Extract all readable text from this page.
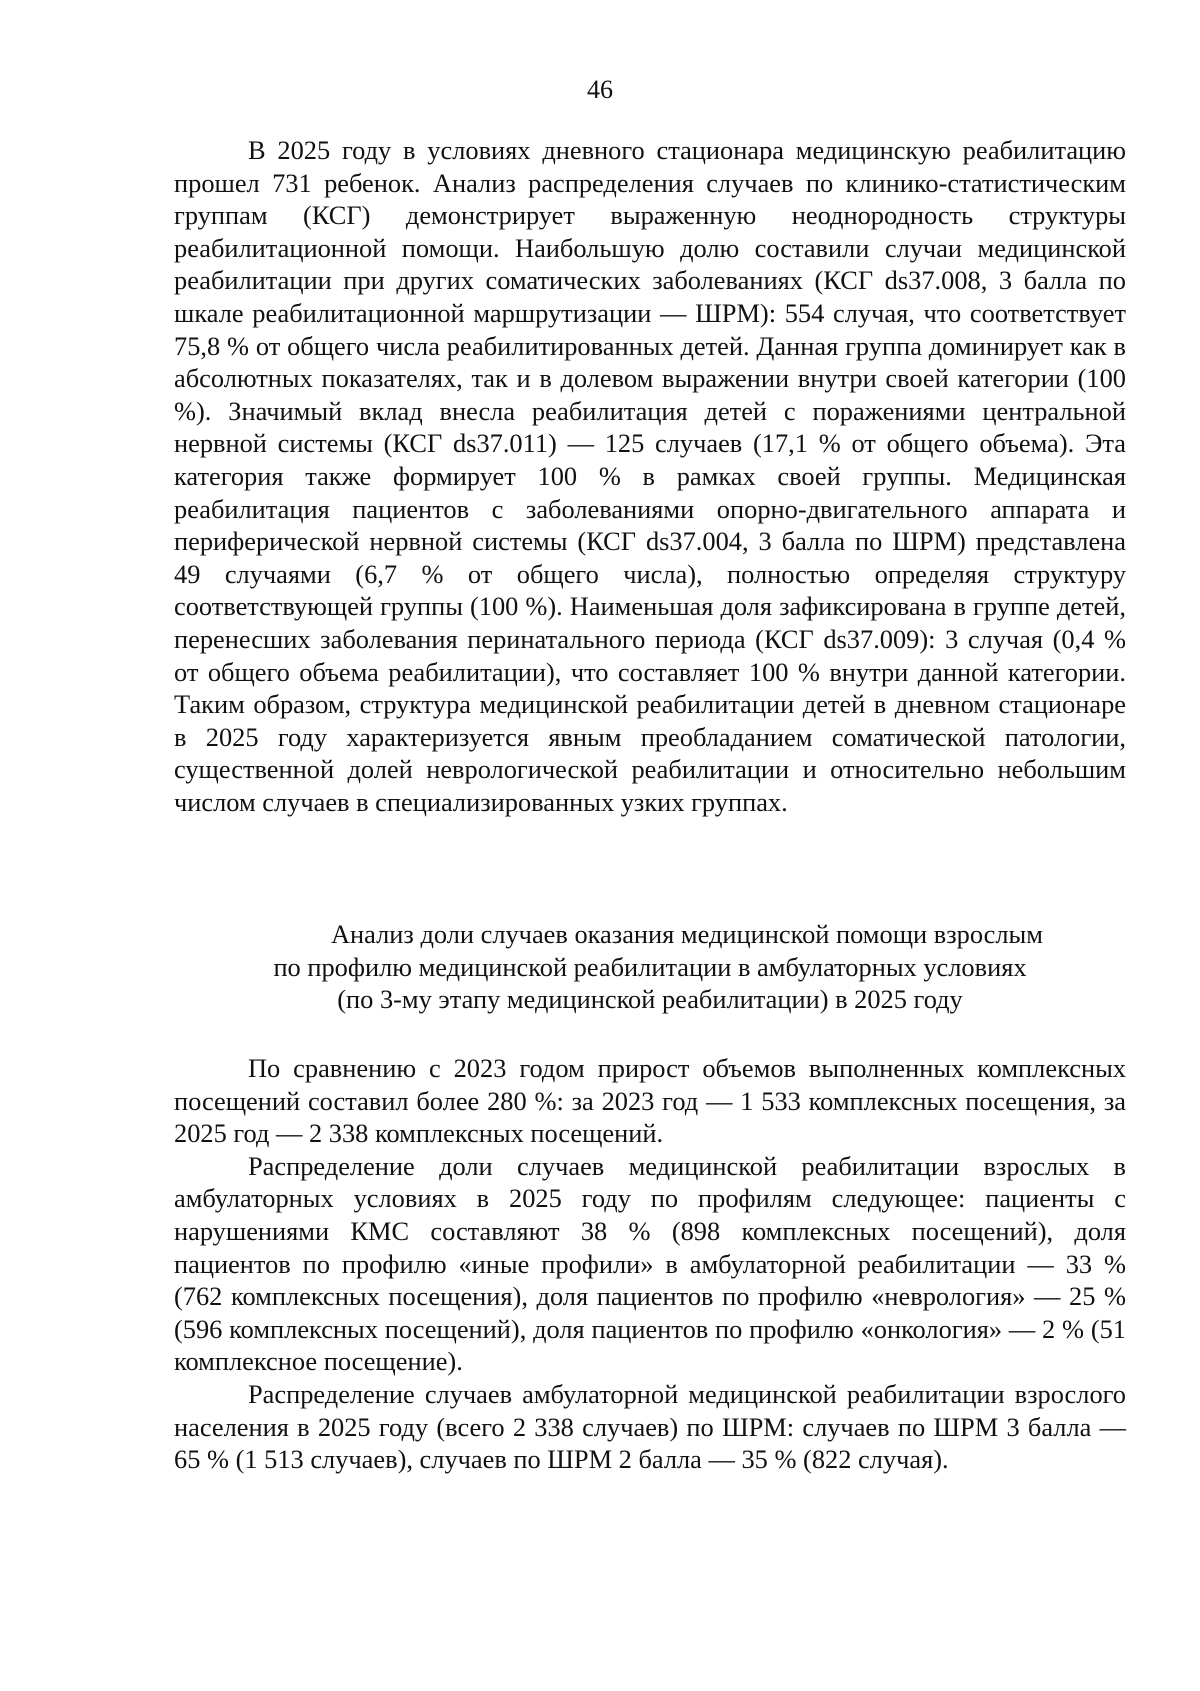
46

В 2025 году в условиях дневного стационара медицинскую реабилитацию прошел 731 ребенок. Анализ распределения случаев по клинико-статистическим группам (КСГ) демонстрирует выраженную неоднородность структуры реабилитационной помощи. Наибольшую долю составили случаи медицинской реабилитации при других соматических заболеваниях (КСГ ds37.008, 3 балла по шкале реабилитационной маршрутизации — ШРМ): 554 случая, что соответствует 75,8 % от общего числа реабилитированных детей. Данная группа доминирует как в абсолютных показателях, так и в долевом выражении внутри своей категории (100 %). Значимый вклад внесла реабилитация детей с поражениями центральной нервной системы (КСГ ds37.011) — 125 случаев (17,1 % от общего объема). Эта категория также формирует 100 % в рамках своей группы. Медицинская реабилитация пациентов с заболеваниями опорно-двигательного аппарата и периферической нервной системы (КСГ ds37.004, 3 балла по ШРМ) представлена 49 случаями (6,7 % от общего числа), полностью определяя структуру соответствующей группы (100 %). Наименьшая доля зафиксирована в группе детей, перенесших заболевания перинатального периода (КСГ ds37.009): 3 случая (0,4 % от общего объема реабилитации), что составляет 100 % внутри данной категории. Таким образом, структура медицинской реабилитации детей в дневном стационаре в 2025 году характеризуется явным преобладанием соматической патологии, существенной долей неврологической реабилитации и относительно небольшим числом случаев в специализированных узких группах.

Анализ доли случаев оказания медицинской помощи взрослым
по профилю медицинской реабилитации в амбулаторных условиях
(по 3-му этапу медицинской реабилитации) в 2025 году

По сравнению с 2023 годом прирост объемов выполненных комплексных посещений составил более 280 %: за 2023 год — 1 533 комплексных посещения, за 2025 год — 2 338 комплексных посещений.

Распределение доли случаев медицинской реабилитации взрослых в амбулаторных условиях в 2025 году по профилям следующее: пациенты с нарушениями КМС составляют 38 % (898 комплексных посещений), доля пациентов по профилю «иные профили» в амбулаторной реабилитации — 33 % (762 комплексных посещения), доля пациентов по профилю «неврология» — 25 % (596 комплексных посещений), доля пациентов по профилю «онкология» — 2 % (51 комплексное посещение).

Распределение случаев амбулаторной медицинской реабилитации взрослого населения в 2025 году (всего 2 338 случаев) по ШРМ: случаев по ШРМ 3 балла — 65 % (1 513 случаев), случаев по ШРМ 2 балла — 35 % (822 случая).
